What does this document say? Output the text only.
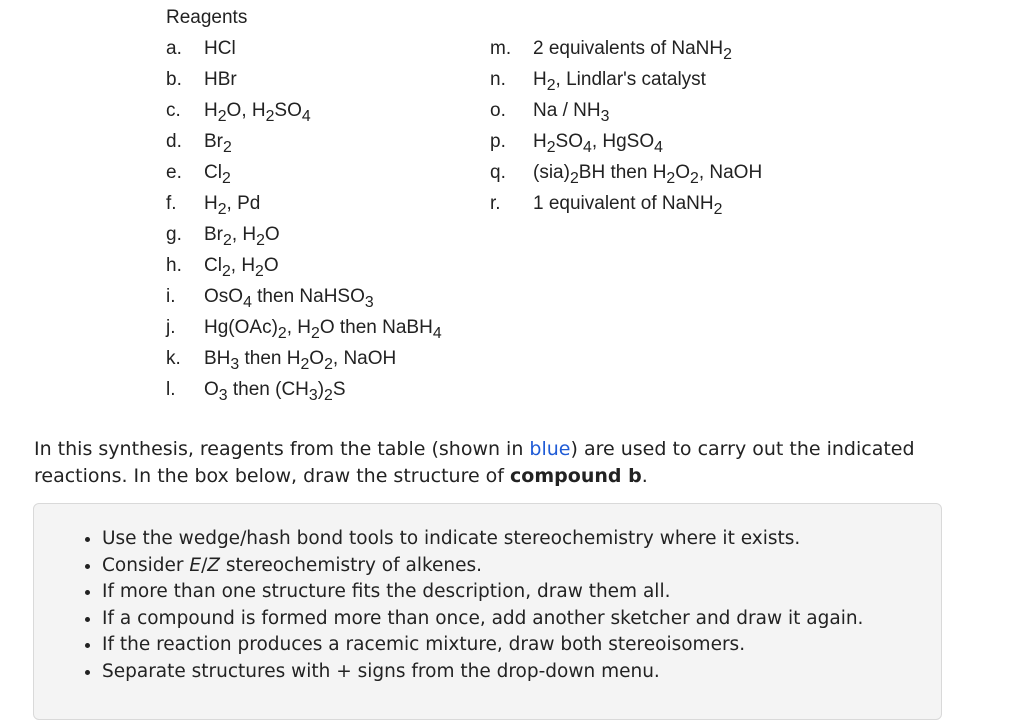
Reagents
a. HCl
b. HBr
c. $H_2O$, $H_2SO_4$
d. $Br_2$
e. $Cl_2$
f. $H_2$, Pd
g. $Br_2$, $H_2O$
h. $Cl_2$, $H_2O$
i. OsO$_4$ then NaHSO$_3$
j. $Hg(OAc)_2$, $H_2O$ then NaBH$_4$
k. $BH_3$ then $H_2O_2$, NaOH
l. $O_3$ then $(CH_3)_2S$
m. 2 equivalents of NaNH$_2$
n. $H_2$, Lindlar's catalyst
o. Na / $NH_3$
p. $H_2SO_4$, HgSO$_4$
q. $(sia)_2BH$ then $H_2O_2$, NaOH
r. 1 equivalent of NaNH$_2$
In this synthesis, reagents from the table (shown in blue) are used to carry out the indicated reactions. In the box below, draw the structure of compound b.
• Use the wedge/hash bond tools to indicate stereochemistry where it exists.
• Consider E/Z stereochemistry of alkenes.
• If more than one structure fits the description, draw them all.
• If a compound is formed more than once, add another sketcher and draw it again.
• If the reaction produces a racemic mixture, draw both stereoisomers.
• Separate structures with + signs from the drop-down menu.
